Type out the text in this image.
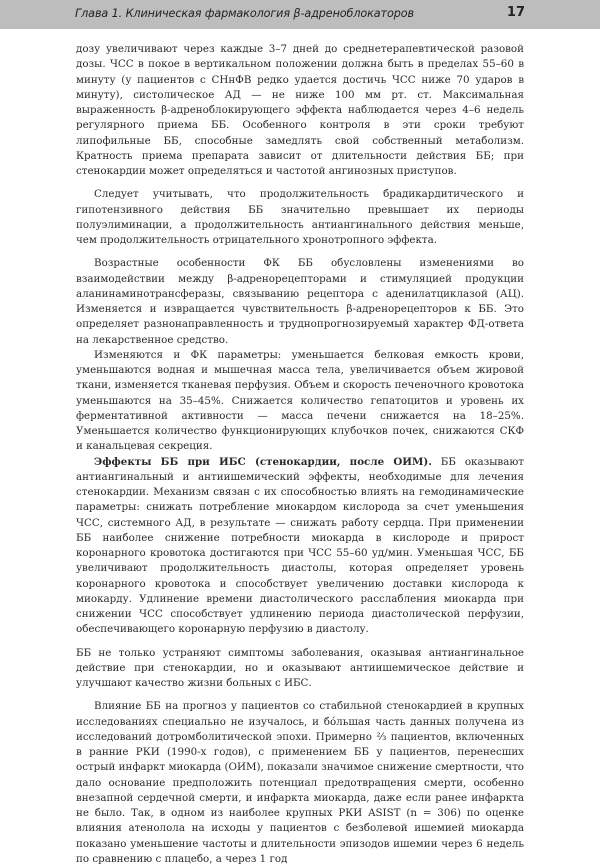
Глава 1. Клиническая фармакология β-адреноблокаторов	17

дозу увеличивают через каждые 3–7 дней до среднетерапевтической разовой дозы. ЧСС в покое в вертикальном положении должна быть в пределах 55–60 в минуту (у пациентов с СНнФВ редко удается достичь ЧСС ниже 70 ударов в минуту), систолическое АД — не ниже 100 мм рт. ст. Максимальная выраженность β-адреноблокирующего эффекта наблюдается через 4–6 недель регулярного приема ББ. Особенного контроля в эти сроки требуют липофильные ББ, способные замедлять свой собственный метаболизм. Кратность приема препарата зависит от длительности действия ББ; при стенокардии может определяться и частотой ангинозных приступов.

Следует учитывать, что продолжительность брадикардитического и гипотензивного действия ББ значительно превышает их периоды полуэлиминации, а продолжительность антиангинального действия меньше, чем продолжительность отрицательного хронотропного эффекта.

Возрастные особенности ФК ББ обусловлены изменениями во взаимодействии между β-адренорецепторами и стимуляцией продукции аланинаминотрансферазы, связыванию рецептора с аденилатциклазой (АЦ). Изменяется и извращается чувствительность β-адренорецепторов к ББ. Это определяет разнонаправленность и труднопрогнозируемый характер ФД-ответа на лекарственное средство.

Изменяются и ФК параметры: уменьшается белковая емкость крови, уменьшаются водная и мышечная масса тела, увеличивается объем жировой ткани, изменяется тканевая перфузия. Объем и скорость печеночного кровотока уменьшаются на 35–45%. Снижается количество гепатоцитов и уровень их ферментативной активности — масса печени снижается на 18–25%. Уменьшается количество функционирующих клубочков почек, снижаются СКФ и канальцевая секреция.

Эффекты ББ при ИБС (стенокардии, после ОИМ). ББ оказывают антиангинальный и антиишемический эффекты, необходимые для лечения стенокардии. Механизм связан с их способностью влиять на гемодинамические параметры: снижать потребление миокардом кислорода за счет уменьшения ЧСС, системного АД, в результате — снижать работу сердца. При применении ББ наиболее снижение потребности миокарда в кислороде и прирост коронарного кровотока достигаются при ЧСС 55–60 уд/мин. Уменьшая ЧСС, ББ увеличивают продолжительность диастолы, которая определяет уровень коронарного кровотока и способствует увеличению доставки кислорода к миокарду. Удлинение времени диастолического расслабления миокарда при снижении ЧСС способствует удлинению периода диастолической перфузии, обеспечивающего коронарную перфузию в диастолу.

ББ не только устраняют симптомы заболевания, оказывая антиангинальное действие при стенокардии, но и оказывают антиишемическое действие и улучшают качество жизни больных с ИБС.

Влияние ББ на прогноз у пациентов со стабильной стенокардией в крупных исследованиях специально не изучалось, и бóльшая часть данных получена из исследований дотромболитической эпохи. Примерно ⅔ пациентов, включенных в ранние РКИ (1990-х годов), с применением ББ у пациентов, перенесших острый инфаркт миокарда (ОИМ), показали значимое снижение смертности, что дало основание предположить потенциал предотвращения смерти, особенно внезапной сердечной смерти, и инфаркта миокарда, даже если ранее инфаркта не было. Так, в одном из наиболее крупных РКИ ASIST (n = 306) по оценке влияния атенолола на исходы у пациентов с безболевой ишемией миокарда показано уменьшение частоты и длительности эпизодов ишемии через 6 недель по сравнению с плацебо, а через 1 год
